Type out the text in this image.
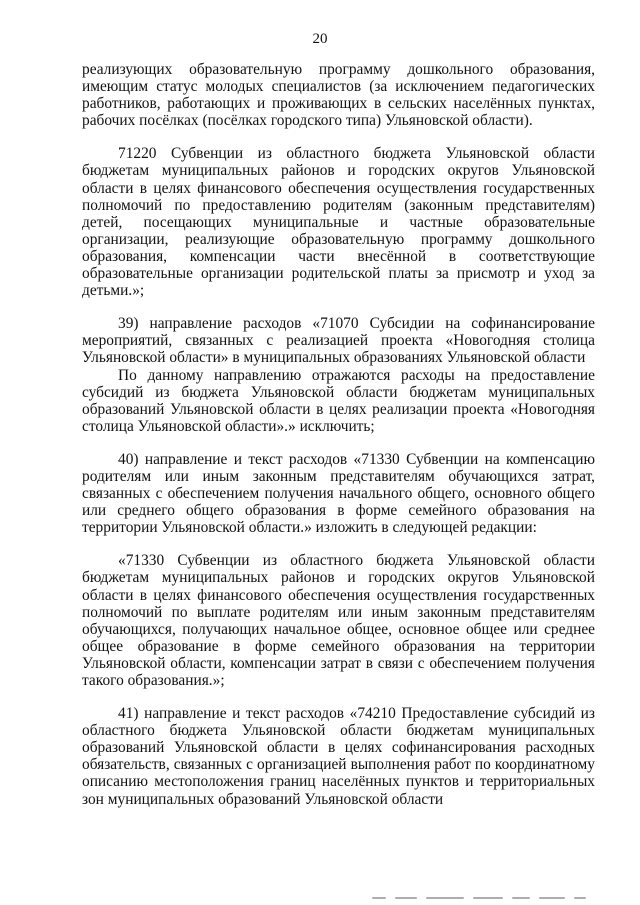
20

реализующих образовательную программу дошкольного образования, имеющим статус молодых специалистов (за исключением педагогических работников, работающих и проживающих в сельских населённых пунктах, рабочих посёлках (посёлках городского типа) Ульяновской области).

71220 Субвенции из областного бюджета Ульяновской области бюджетам муниципальных районов и городских округов Ульяновской области в целях финансового обеспечения осуществления государственных полномочий по предоставлению родителям (законным представителям) детей, посещающих муниципальные и частные образовательные организации, реализующие образовательную программу дошкольного образования, компенсации части внесённой в соответствующие образовательные организации родительской платы за присмотр и уход за детьми.»;

39) направление расходов «71070 Субсидии на софинансирование мероприятий, связанных с реализацией проекта «Новогодняя столица Ульяновской области» в муниципальных образованиях Ульяновской области

По данному направлению отражаются расходы на предоставление субсидий из бюджета Ульяновской области бюджетам муниципальных образований Ульяновской области в целях реализации проекта «Новогодняя столица Ульяновской области».» исключить;

40) направление и текст расходов «71330 Субвенции на компенсацию родителям или иным законным представителям обучающихся затрат, связанных с обеспечением получения начального общего, основного общего или среднего общего образования в форме семейного образования на территории Ульяновской области.» изложить в следующей редакции:

«71330 Субвенции из областного бюджета Ульяновской области бюджетам муниципальных районов и городских округов Ульяновской области в целях финансового обеспечения осуществления государственных полномочий по выплате родителям или иным законным представителям обучающихся, получающих начальное общее, основное общее или среднее общее образование в форме семейного образования на территории Ульяновской области, компенсации затрат в связи с обеспечением получения такого образования.»;

41) направление и текст расходов «74210 Предоставление субсидий из областного бюджета Ульяновской области бюджетам муниципальных образований Ульяновской области в целях софинансирования расходных обязательств, связанных с организацией выполнения работ по координатному описанию местоположения границ населённых пунктов и территориальных зон муниципальных образований Ульяновской области
